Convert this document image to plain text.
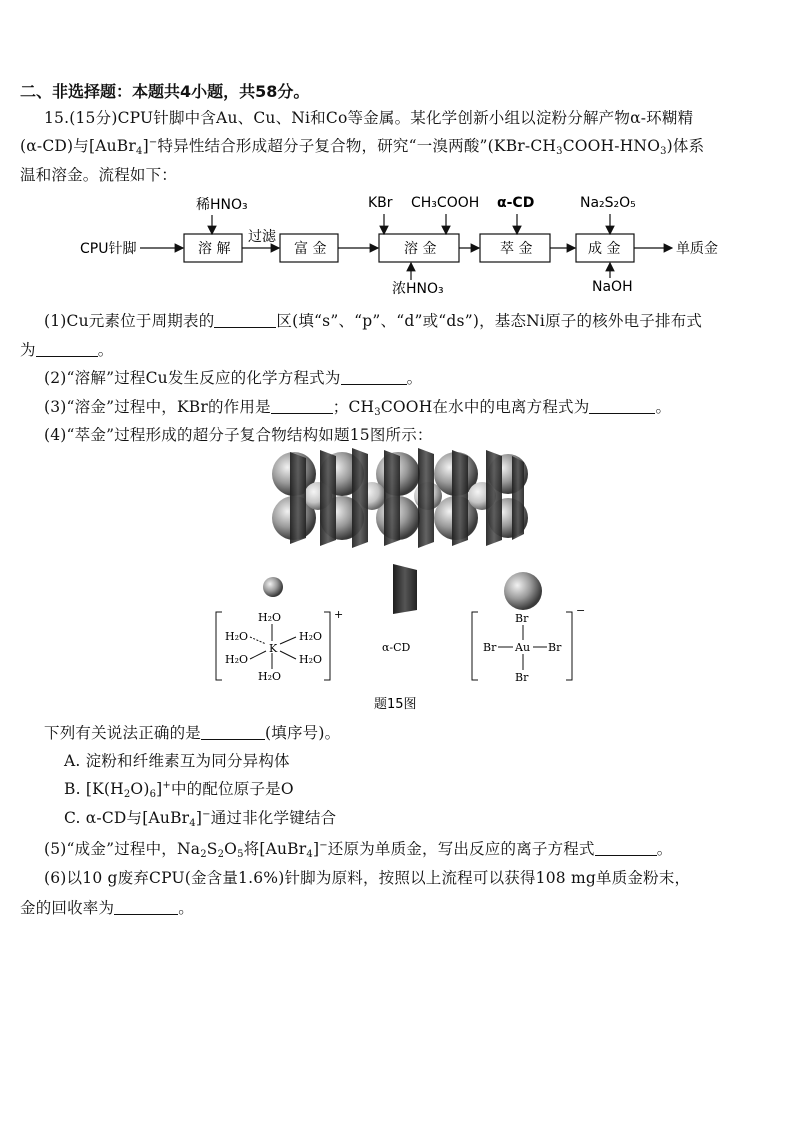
二、非选择题：本题共4小题，共58分。
15.(15分)CPU针脚中含Au、Cu、Ni和Co等金属。某化学创新小组以淀粉分解产物α-环糊精
(α-CD)与[AuBr$_4$]−特异性结合形成超分子复合物，研究“一溴两酸$”(KBr-CH_3COOH-HNO_3)$体系
温和溶金。流程如下：
CPU针脚
稀HNO₃
溶 解
过滤
富 金
KBr CH₃COOH
溶 金
浓HNO₃
α-CD
萃 金
Na₂S₂O₅
成 金
NaOH
单质金
(1)Cu元素位于周期表的	区(填“s”、“p”、“d”或“ds”)，基态Ni原子的核外电子排布式
为	。
(2)“溶解”过程Cu发生反应的化学方程式为	。
(3)“溶金”过程中，KBr的作用是	；$CH_3COOH$在水中的电离方程式为	。
(4)“萃金”过程形成的超分子复合物结构如题15图所示：
+
H₂O
H₂O	H₂O
H₂O	H₂O
H₂O
K	α-CD
−
Br
Br	Br
Br
Au
题15图
下列有关说法正确的是	(填序号)。
A. 淀粉和纤维素互为同分异构体
B. $[K(H_2O)_6]^+$中的配位原子是O
C. α-CD与[AuBr$_4$]−通过非化学键结合
(5)“成金”过程中，$Na_2S_2O_5$将[AuBr$_4$]−还原为单质金，写出反应的离子方程式	。
(6)以10 g废弃CPU(金含量1.6%)针脚为原料，按照以上流程可以获得108 mg单质金粉末，
金的回收率为	。
